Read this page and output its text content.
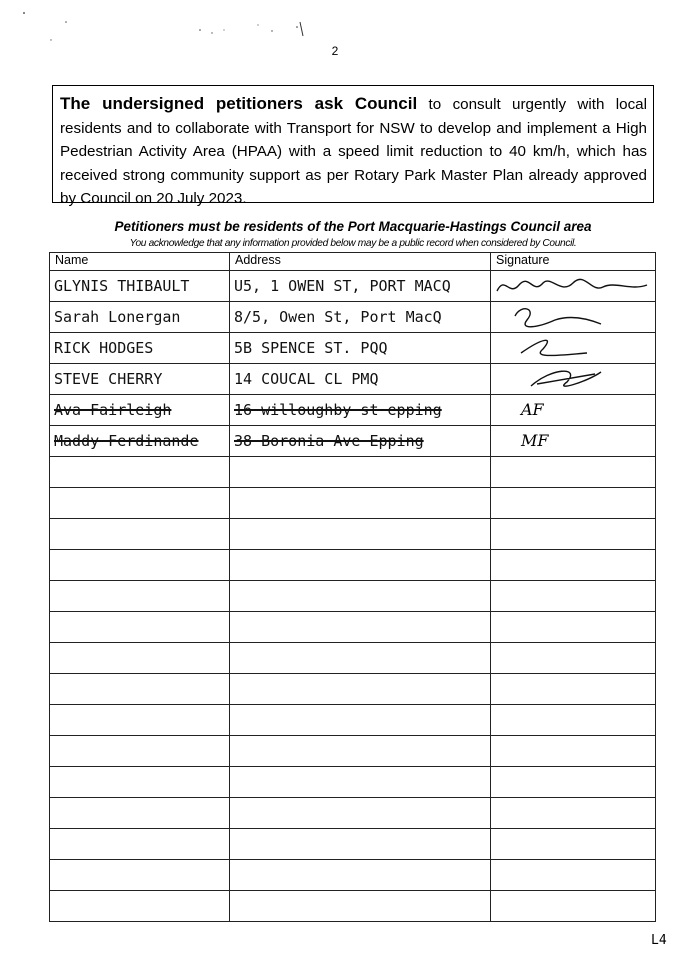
2
The undersigned petitioners ask Council to consult urgently with local residents and to collaborate with Transport for NSW to develop and implement a High Pedestrian Activity Area (HPAA) with a speed limit reduction to 40 km/h, which has received strong community support as per Rotary Park Master Plan already approved by Council on 20 July 2023.
Petitioners must be residents of the Port Macquarie-Hastings Council area
You acknowledge that any information provided below may be a public record when considered by Council.
Name	Address	Signature
GLYNIS THIBAULT	U5, 1 OWEN ST, PORT MACQ	

Sarah Lonergan	8/5, Owen St, Port MacQ	

RICK HODGES	5B SPENCE ST. PQQ	

STEVE CHERRY	14 COUCAL CL PMQ	

Ava Fairleigh	16 willoughby st epping	AF
Maddy Ferdinande	38 Boronia Ave Epping	MF

L4
